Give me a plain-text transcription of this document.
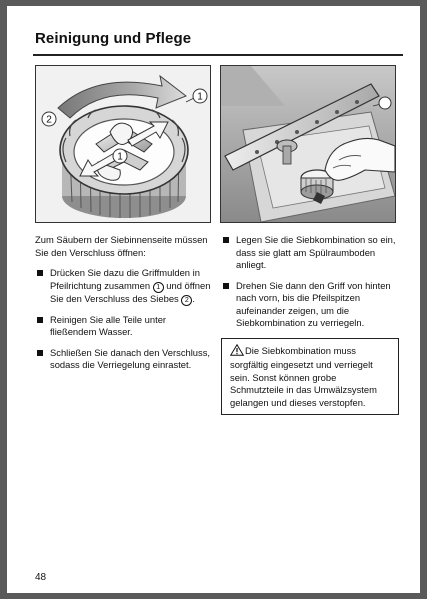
Reinigung und Pflege
1
1
2

Zum Säubern der Siebinnenseite müssen Sie den Verschluss öffnen:

Drücken Sie dazu die Griffmulden in Pfeilrichtung zusammen 1 und öffnen Sie den Verschluss des Siebes 2 .
Reinigen Sie alle Teile unter fließendem Wasser.
Schließen Sie danach den Verschluss, sodass die Verriegelung einrastet.
Legen Sie die Siebkombination so ein, dass sie glatt am Spülraumboden anliegt.
Drehen Sie dann den Griff von hinten nach vorn, bis die Pfeilspitzen aufeinander zeigen, um die Siebkombination zu verriegeln.
Die Siebkombination muss sorgfältig eingesetzt und verriegelt sein. Sonst können grobe Schmutzteile in das Umwälzsystem gelangen und dieses verstopfen.
48
